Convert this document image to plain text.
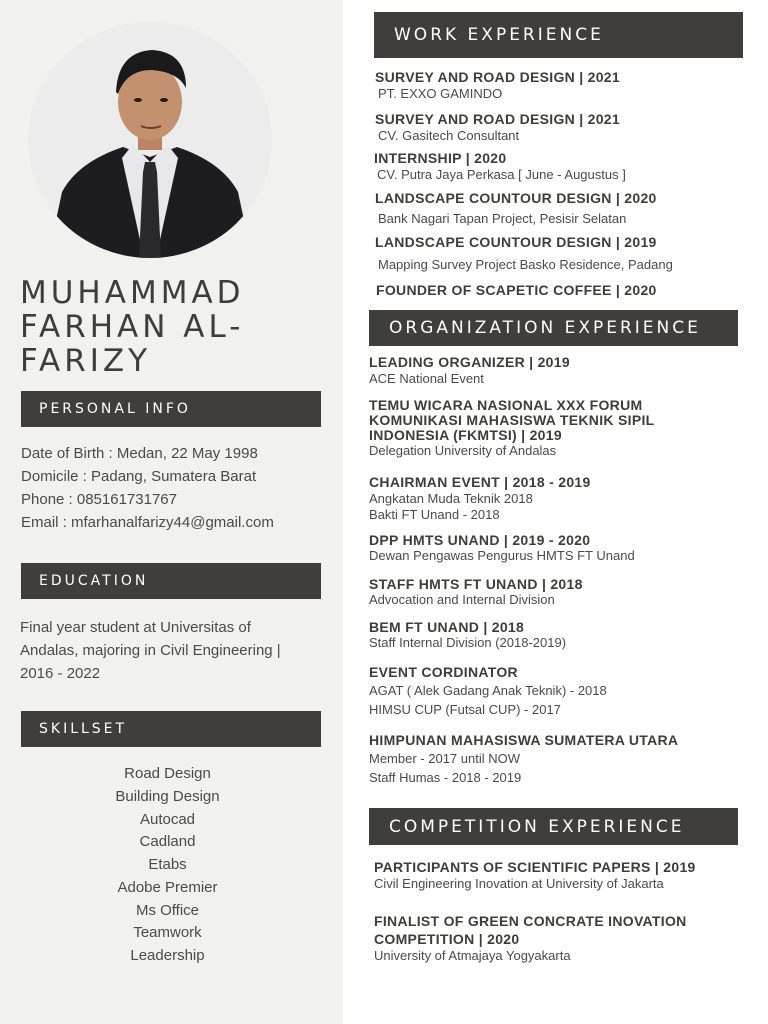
MUHAMMAD FARHAN AL-FARIZY
PERSONAL INFO
Date of Birth : Medan, 22 May 1998
Domicile : Padang, Sumatera Barat
Phone : 085161731767
Email : mfarhanalfarizy44@gmail.com
EDUCATION
Final year student at Universitas of
Andalas, majoring in Civil Engineering |
2016 - 2022
SKILLSET
Road Design
Building Design
Autocad
Cadland
Etabs
Adobe Premier
Ms Office
Teamwork
Leadership
WORK EXPERIENCE
SURVEY AND ROAD DESIGN | 2021
PT. EXXO GAMINDO
SURVEY AND ROAD DESIGN | 2021
CV. Gasitech Consultant
INTERNSHIP | 2020
CV. Putra Jaya Perkasa [ June - Augustus ]
LANDSCAPE COUNTOUR DESIGN | 2020
Bank Nagari Tapan Project, Pesisir Selatan
LANDSCAPE COUNTOUR DESIGN | 2019
Mapping Survey Project Basko Residence, Padang
FOUNDER OF SCAPETIC COFFEE | 2020
ORGANIZATION EXPERIENCE
LEADING ORGANIZER | 2019
ACE National Event
TEMU WICARA NASIONAL XXX FORUM
KOMUNIKASI MAHASISWA TEKNIK SIPIL
INDONESIA (FKMTSI) | 2019
Delegation University of Andalas
CHAIRMAN EVENT | 2018 - 2019
Angkatan Muda Teknik 2018
Bakti FT Unand - 2018
DPP HMTS UNAND | 2019 - 2020
Dewan Pengawas Pengurus HMTS FT Unand
STAFF HMTS FT UNAND | 2018
Advocation and Internal Division
BEM FT UNAND | 2018
Staff Internal Division (2018-2019)
EVENT CORDINATOR
AGAT ( Alek Gadang Anak Teknik) - 2018
HIMSU CUP (Futsal CUP) - 2017
HIMPUNAN MAHASISWA SUMATERA UTARA
Member - 2017 until NOW
Staff Humas - 2018 - 2019
COMPETITION EXPERIENCE
PARTICIPANTS OF SCIENTIFIC PAPERS | 2019
Civil Engineering Inovation at University of Jakarta
FINALIST OF GREEN CONCRATE INOVATION
COMPETITION | 2020
University of Atmajaya Yogyakarta
